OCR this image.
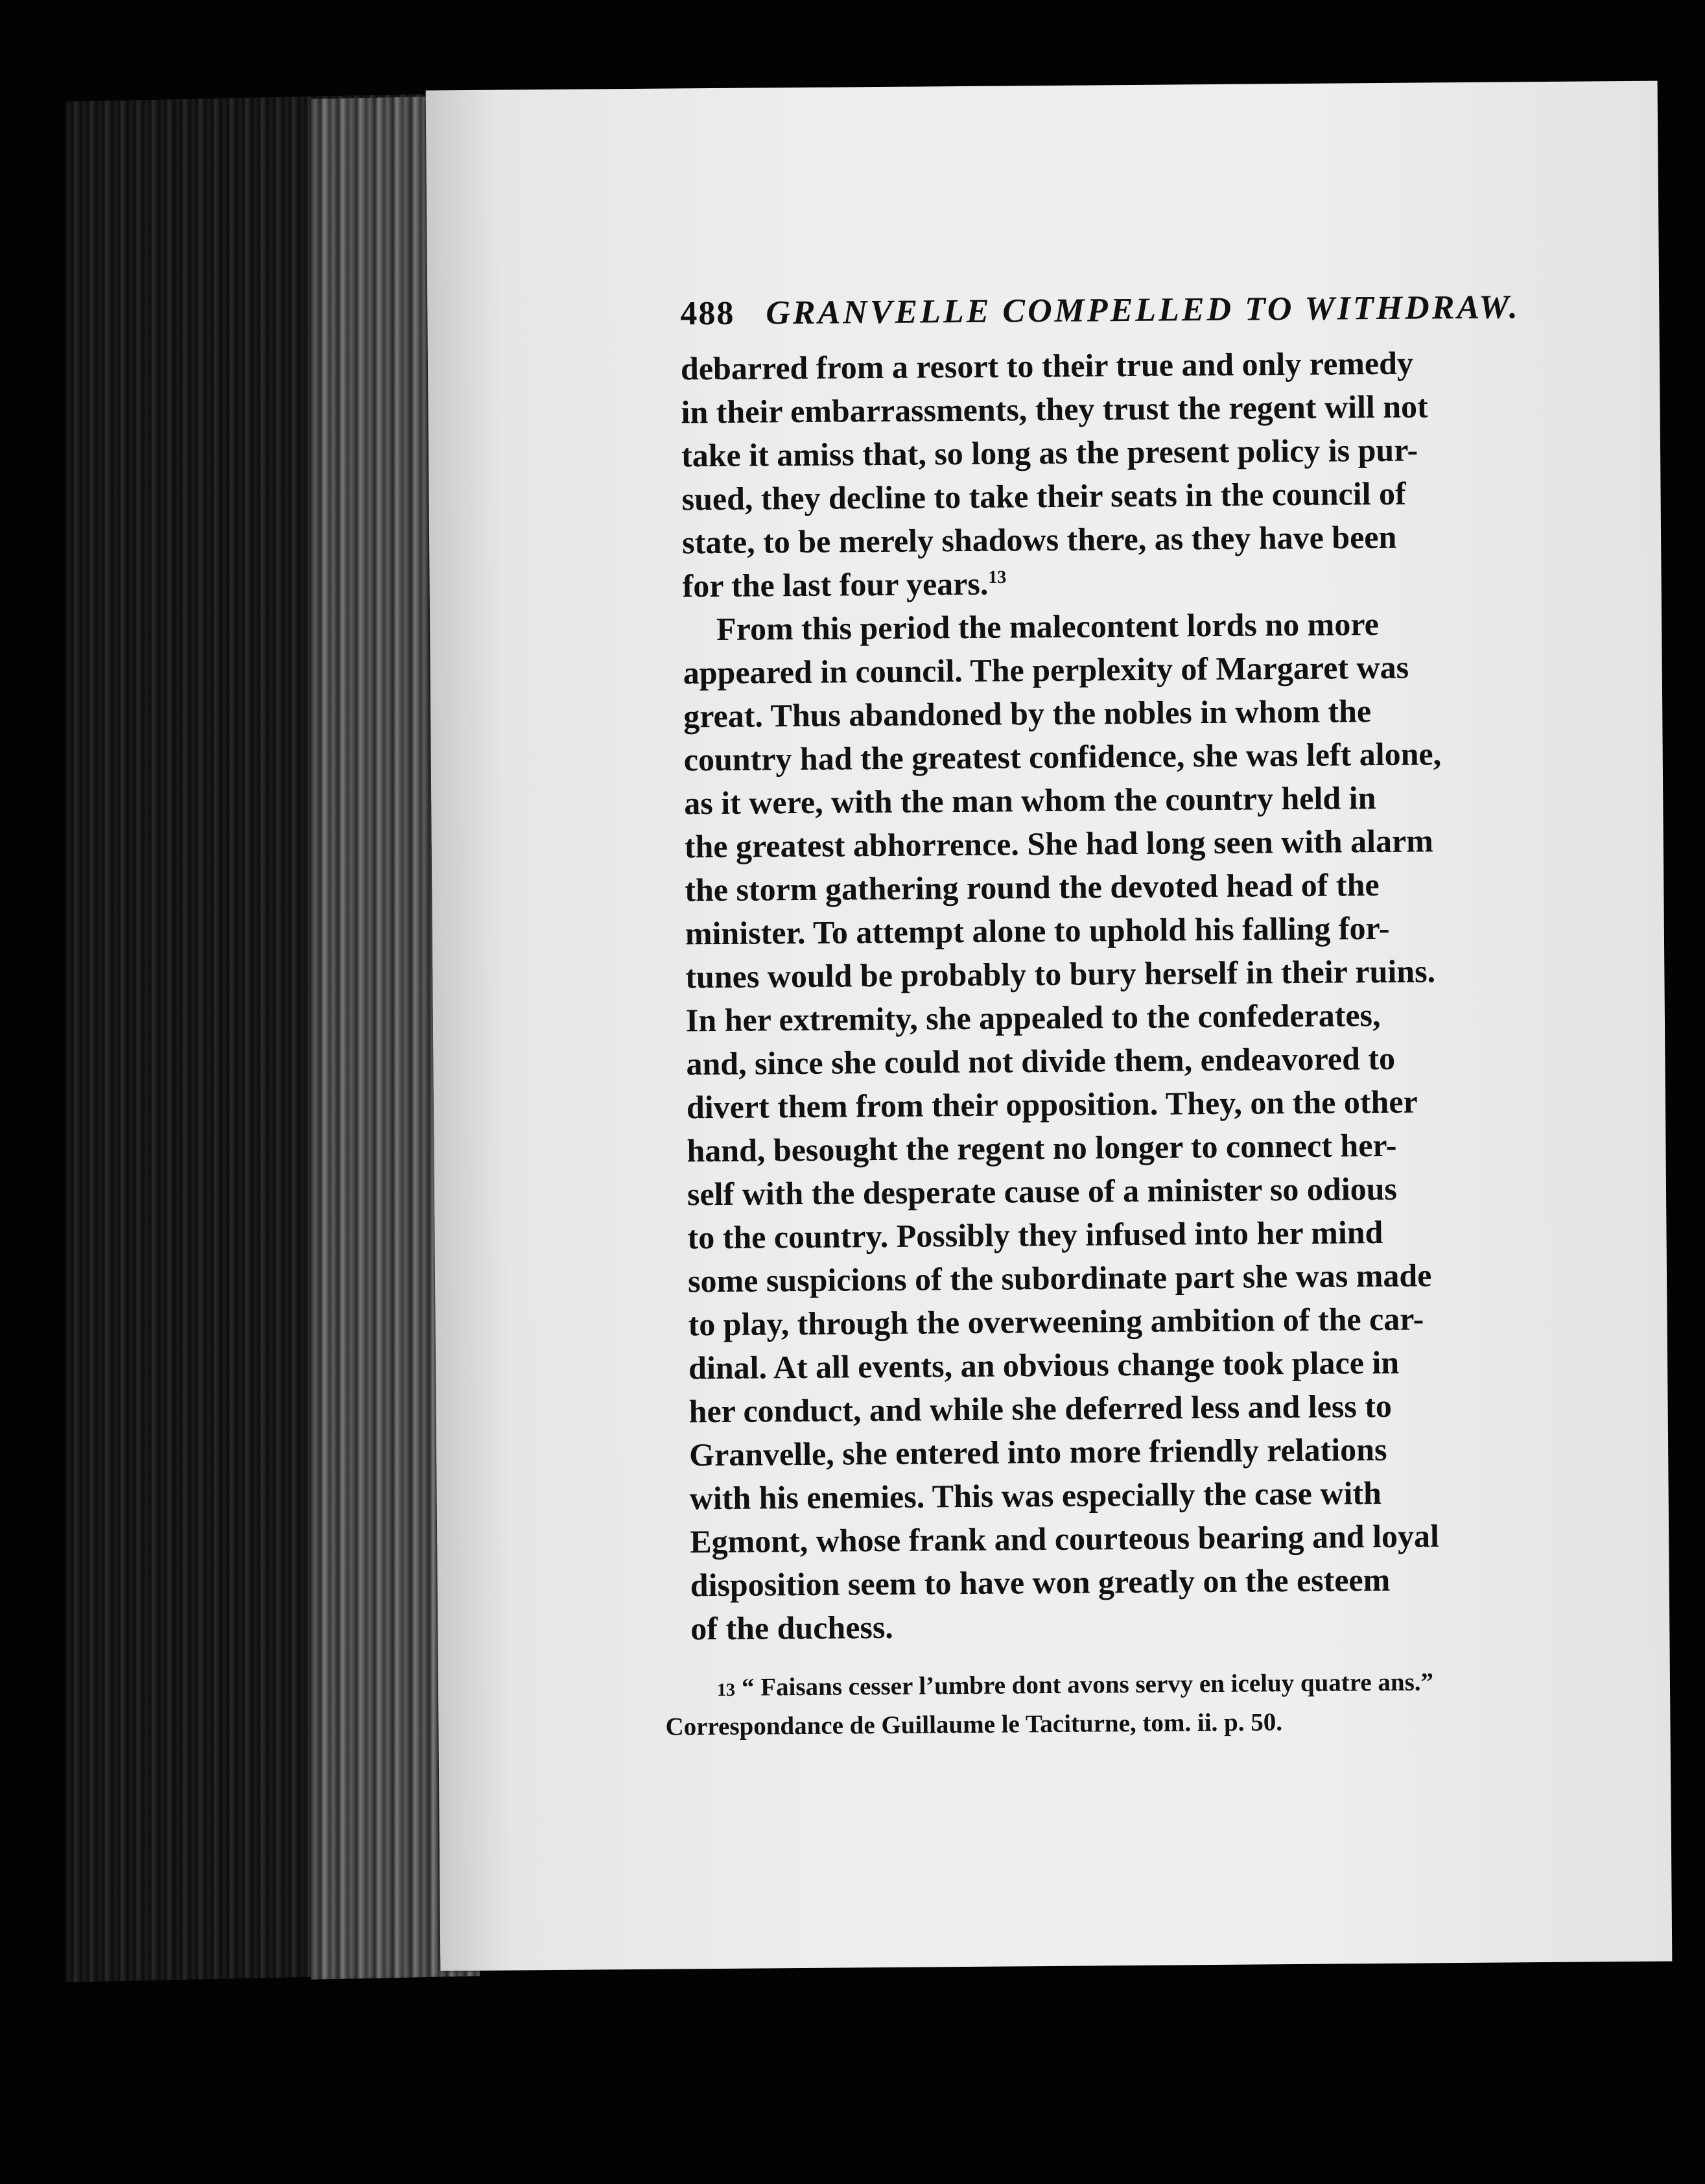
488 GRANVELLE COMPELLED TO WITHDRAW.

debarred from a resort to their true and only remedy
in their embarrassments, they trust the regent will not
take it amiss that, so long as the present policy is pur-
sued, they decline to take their seats in the council of
state, to be merely shadows there, as they have been
for the last four years.$^{13}$

From this period the malecontent lords no more
appeared in council. The perplexity of Margaret was
great. Thus abandoned by the nobles in whom the
country had the greatest confidence, she was left alone,
as it were, with the man whom the country held in
the greatest abhorrence. She had long seen with alarm
the storm gathering round the devoted head of the
minister. To attempt alone to uphold his falling for-
tunes would be probably to bury herself in their ruins.
In her extremity, she appealed to the confederates,
and, since she could not divide them, endeavored to
divert them from their opposition. They, on the other
hand, besought the regent no longer to connect her-
self with the desperate cause of a minister so odious
to the country. Possibly they infused into her mind
some suspicions of the subordinate part she was made
to play, through the overweening ambition of the car-
dinal. At all events, an obvious change took place in
her conduct, and while she deferred less and less to
Granvelle, she entered into more friendly relations
with his enemies. This was especially the case with
Egmont, whose frank and courteous bearing and loyal
disposition seem to have won greatly on the esteem
of the duchess.

13 “ Faisans cesser l’umbre dont avons servy en iceluy quatre ans.”
Correspondance de Guillaume le Taciturne, tom. ii. p. 50.
